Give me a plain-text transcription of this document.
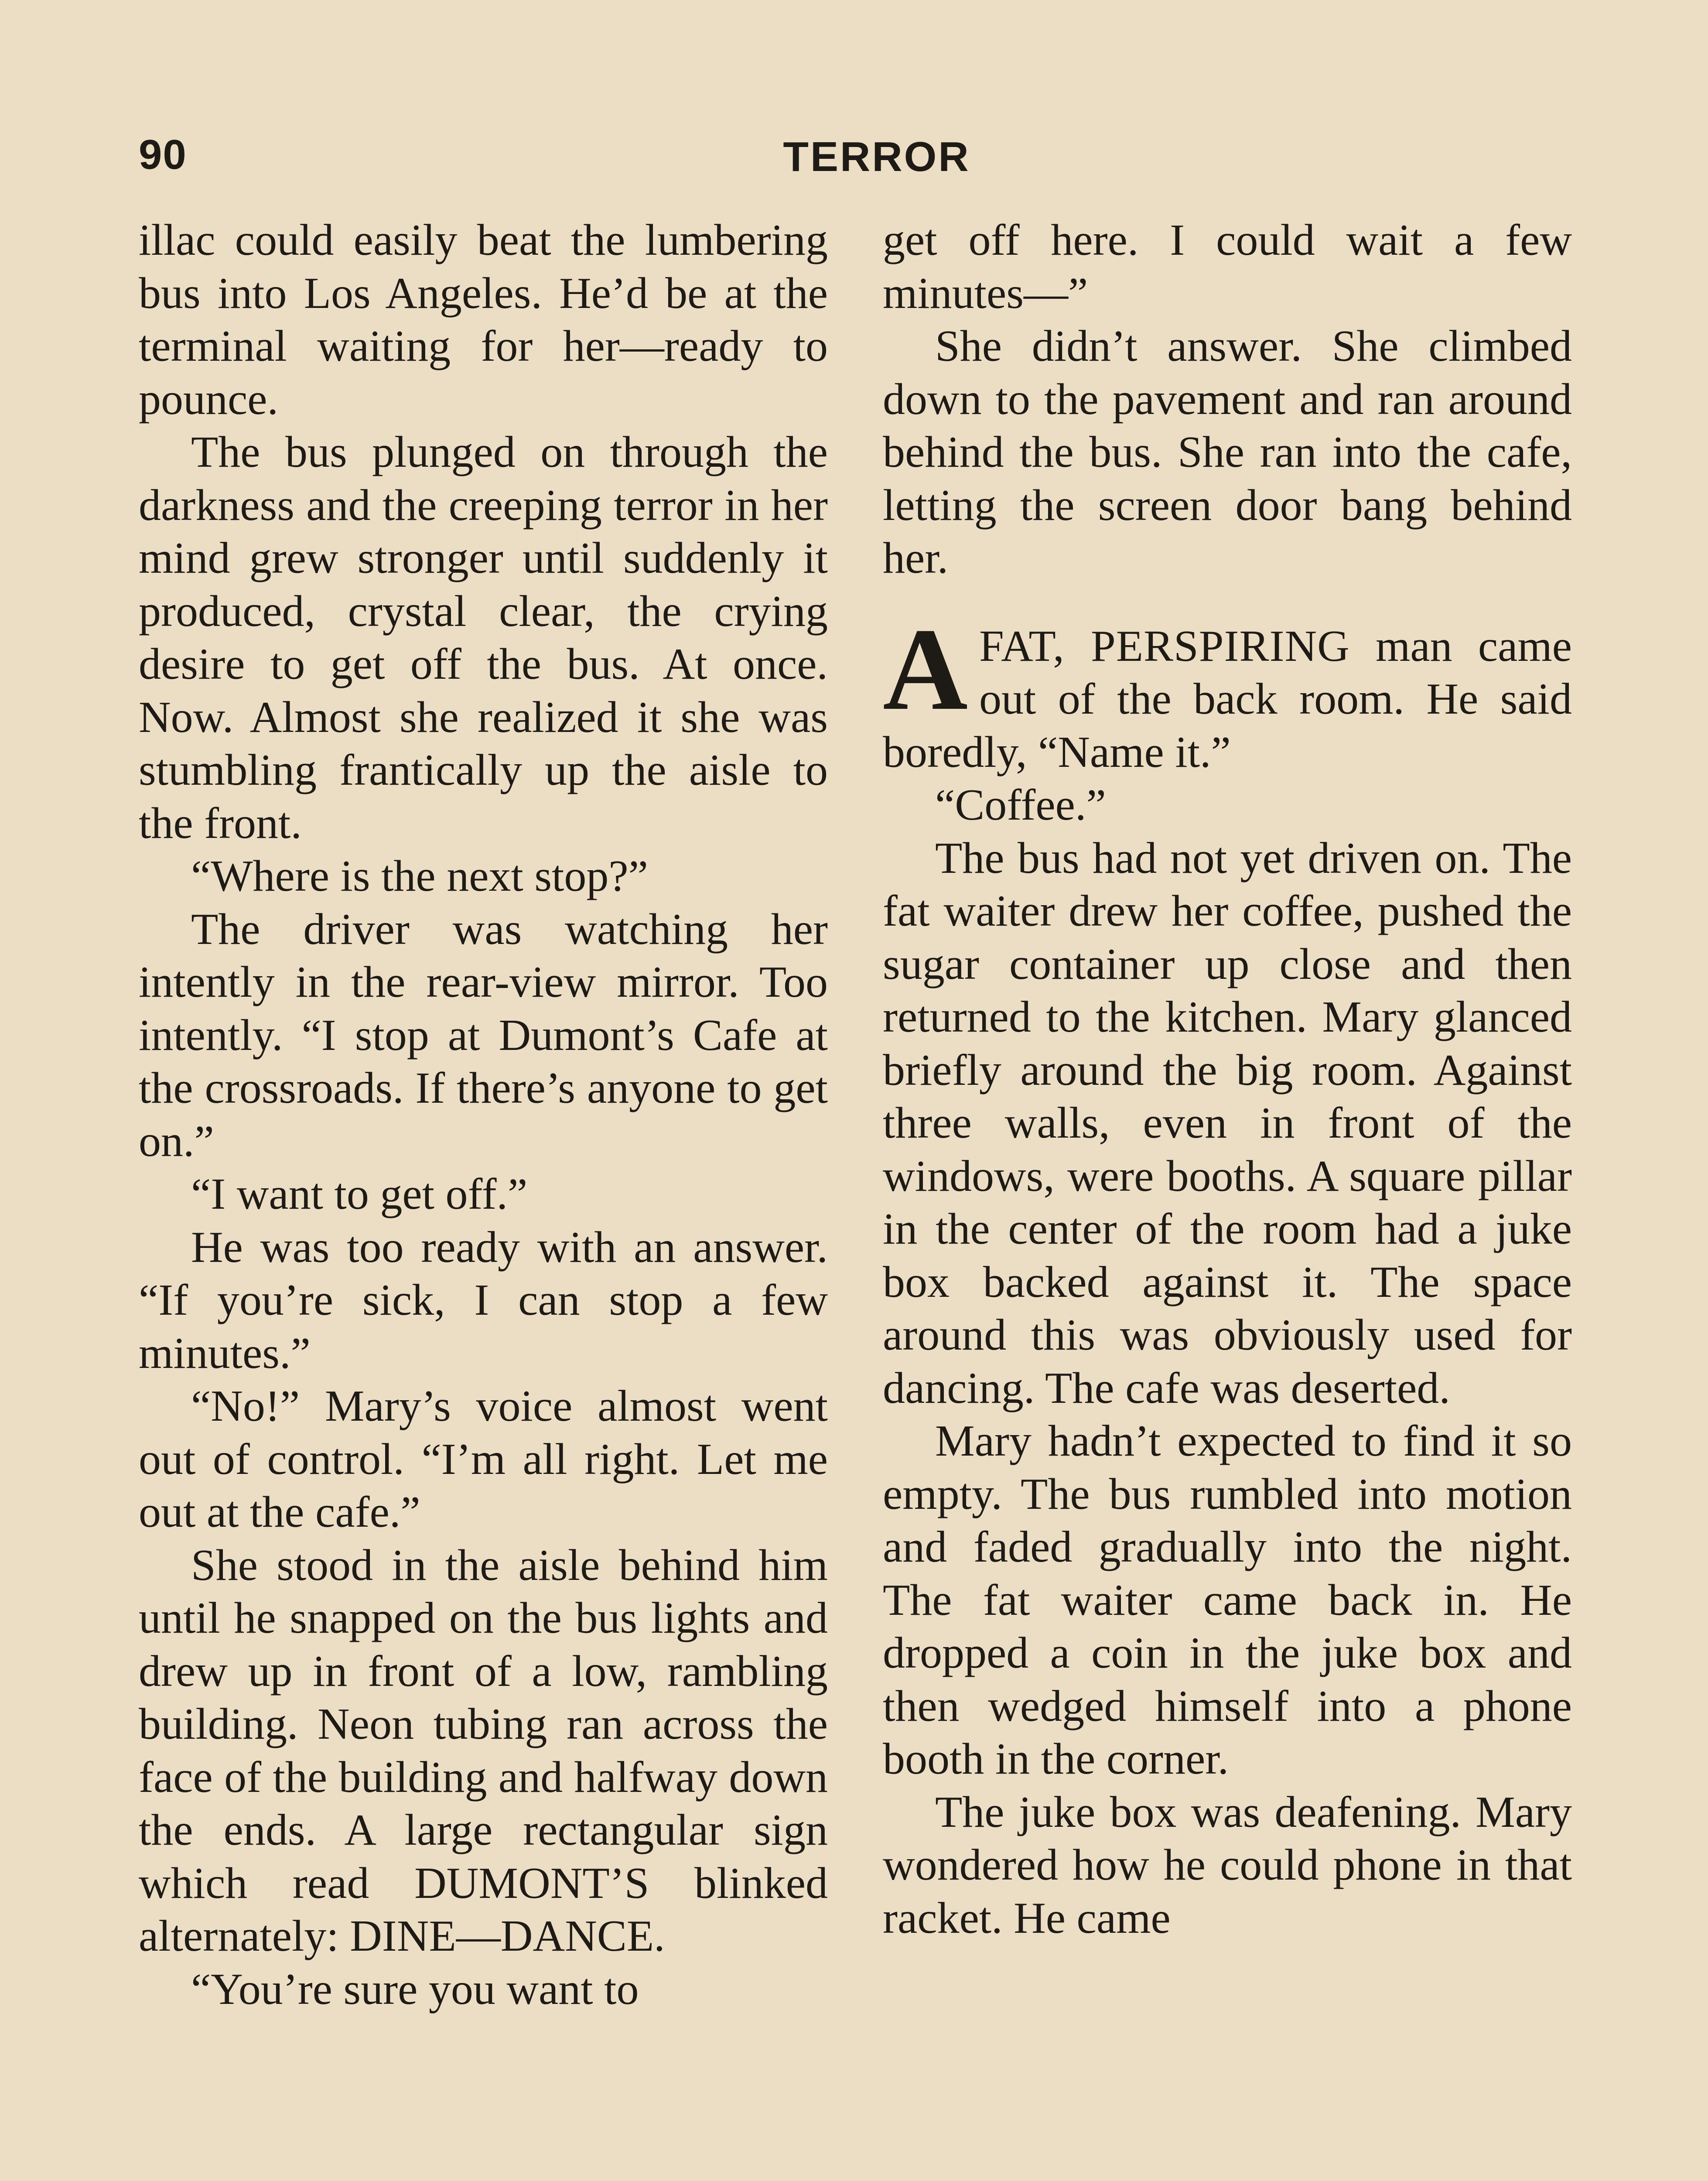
90	TERROR

illac could easily beat the lumbering bus into Los Angeles. He’d be at the terminal waiting for her—ready to pounce.

The bus plunged on through the darkness and the creeping terror in her mind grew stronger until suddenly it produced, crystal clear, the crying desire to get off the bus. At once. Now. Almost she realized it she was stumbling frantically up the aisle to the front.

“Where is the next stop?”

The driver was watching her intently in the rear-view mirror. Too intently. “I stop at Dumont’s Cafe at the crossroads. If there’s anyone to get on.”

“I want to get off.”

He was too ready with an answer. “If you’re sick, I can stop a few minutes.”

“No!” Mary’s voice almost went out of control. “I’m all right. Let me out at the cafe.”

She stood in the aisle behind him until he snapped on the bus lights and drew up in front of a low, rambling building. Neon tubing ran across the face of the building and halfway down the ends. A large rectangular sign which read DUMONT’S blinked alternately: DINE—DANCE.

“You’re sure you want to

get off here. I could wait a few minutes—”

She didn’t answer. She climbed down to the pavement and ran around behind the bus. She ran into the cafe, letting the screen door bang behind her.

AFAT, PERSPIRING man came out of the back room. He said boredly, “Name it.”

“Coffee.”

The bus had not yet driven on. The fat waiter drew her coffee, pushed the sugar container up close and then returned to the kitchen. Mary glanced briefly around the big room. Against three walls, even in front of the windows, were booths. A square pillar in the center of the room had a juke box backed against it. The space around this was obviously used for dancing. The cafe was deserted.

Mary hadn’t expected to find it so empty. The bus rumbled into motion and faded gradually into the night. The fat waiter came back in. He dropped a coin in the juke box and then wedged himself into a phone booth in the corner.

The juke box was deafening. Mary wondered how he could phone in that racket. He came
